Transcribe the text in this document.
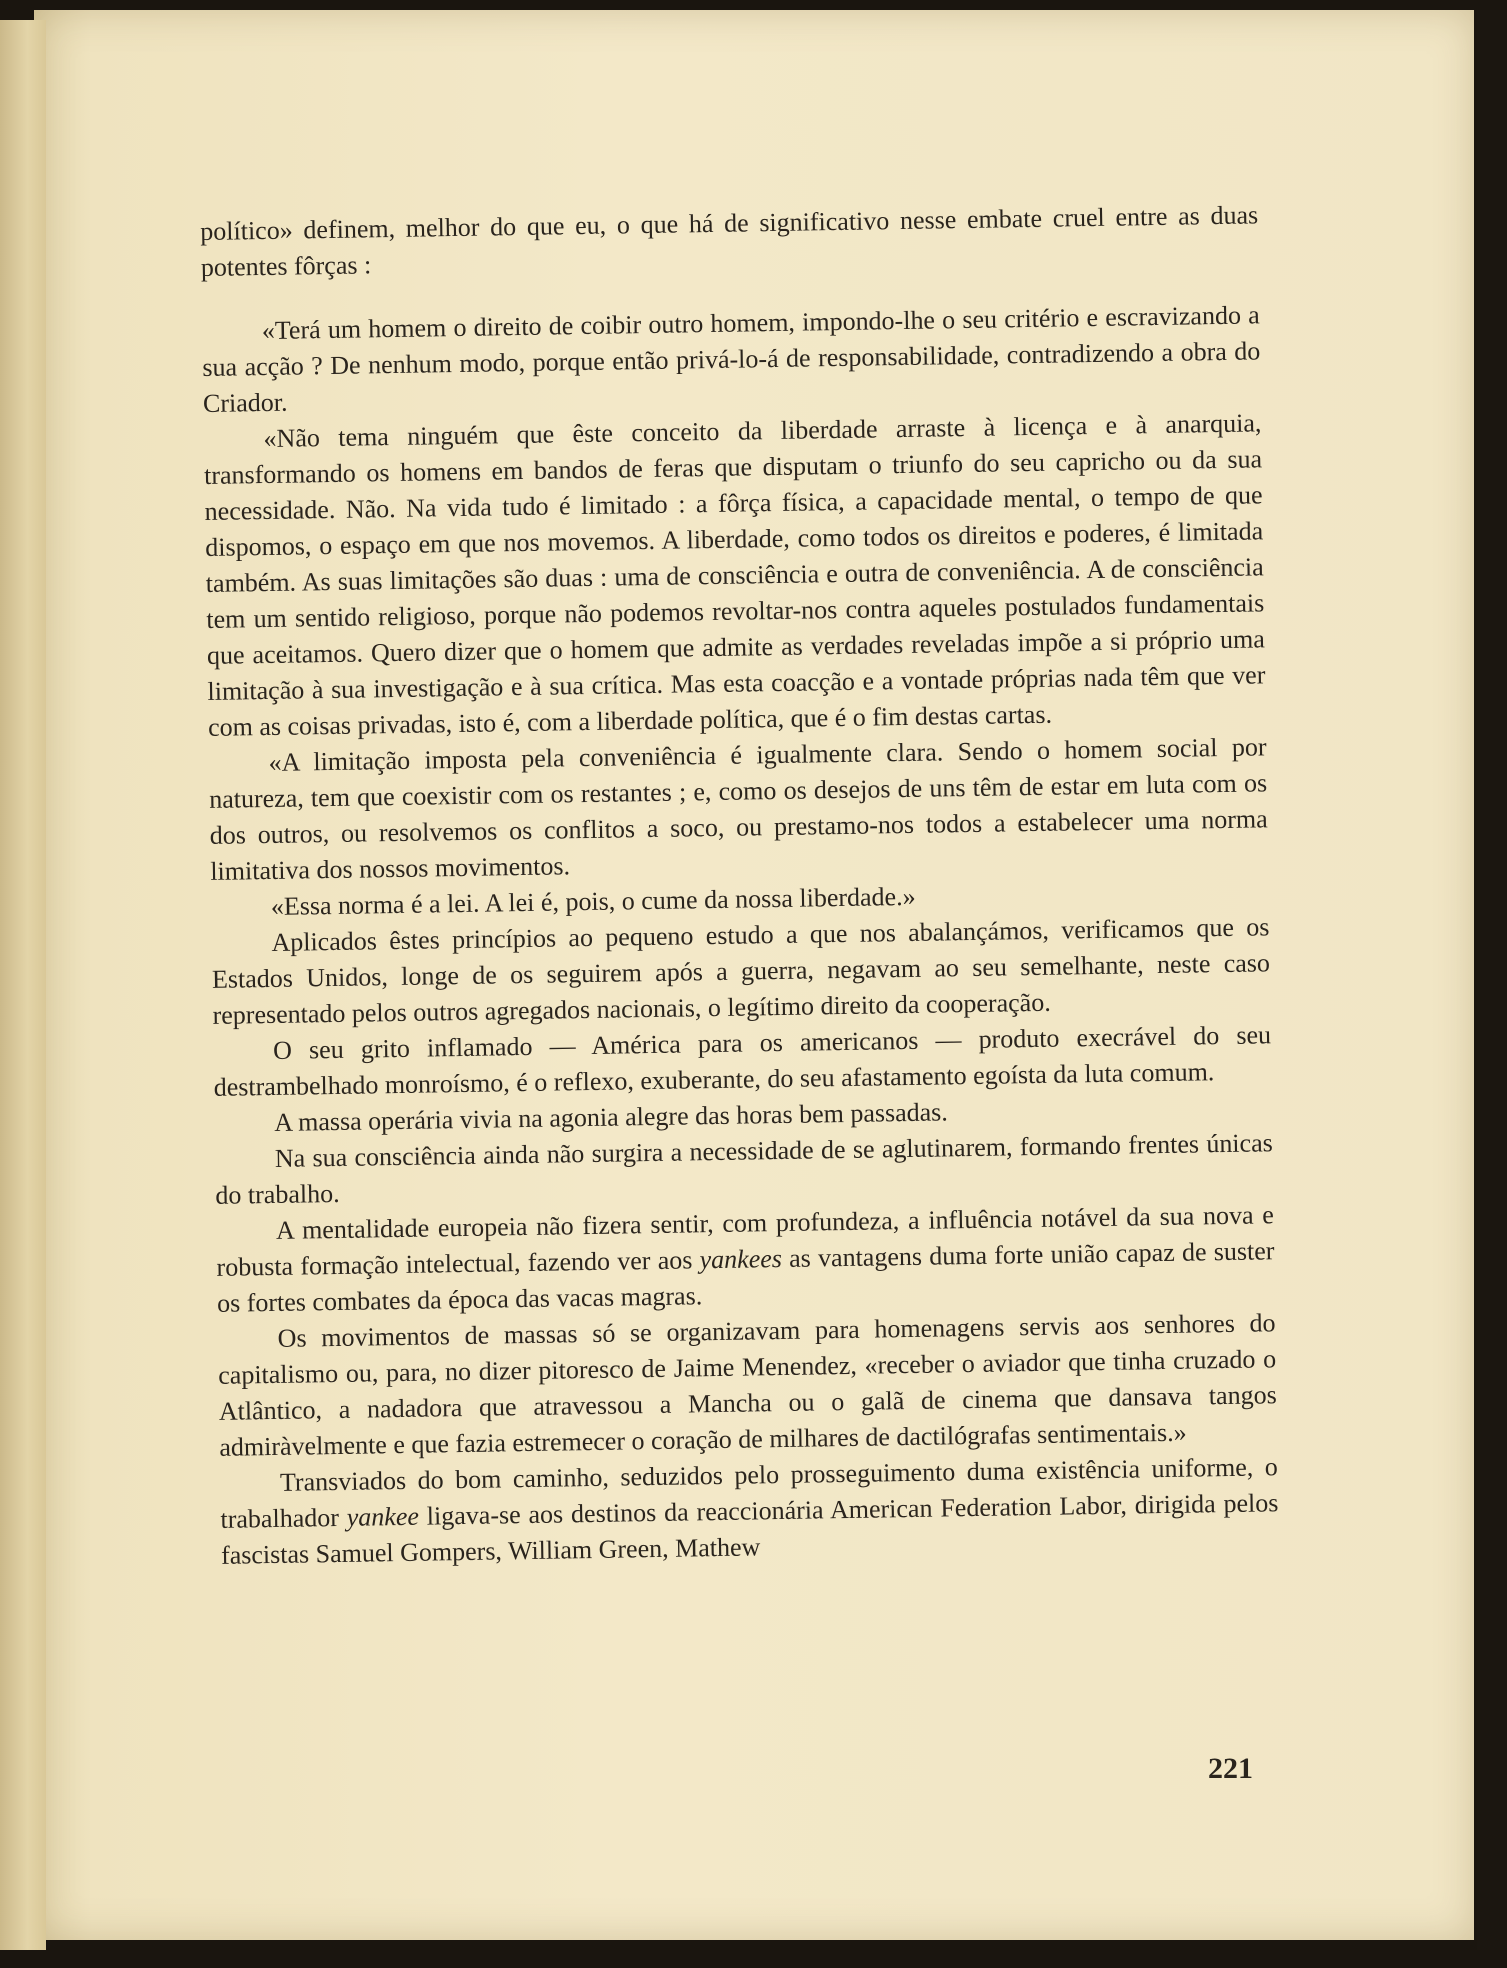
político» definem, melhor do que eu, o que há de significativo nesse embate cruel entre as duas potentes fôrças :

«Terá um homem o direito de coibir outro homem, impondo-lhe o seu critério e escravizando a sua acção ? De nenhum modo, porque então privá-lo-á de responsabilidade, contradizendo a obra do Criador.

«Não tema ninguém que êste conceito da liberdade arraste à licença e à anarquia, transformando os homens em bandos de feras que disputam o triunfo do seu capricho ou da sua necessidade. Não. Na vida tudo é limitado : a fôrça física, a capacidade mental, o tempo de que dispomos, o espaço em que nos movemos. A liberdade, como todos os direitos e poderes, é limitada também. As suas limitações são duas : uma de consciência e outra de conveniência. A de consciência tem um sentido religioso, porque não podemos revoltar-nos contra aqueles postulados fundamentais que aceitamos. Quero dizer que o homem que admite as verdades reveladas impõe a si próprio uma limitação à sua investigação e à sua crítica. Mas esta coacção e a vontade próprias nada têm que ver com as coisas privadas, isto é, com a liberdade política, que é o fim destas cartas.

«A limitação imposta pela conveniência é igualmente clara. Sendo o homem social por natureza, tem que coexistir com os restantes ; e, como os desejos de uns têm de estar em luta com os dos outros, ou resolvemos os conflitos a soco, ou prestamo-nos todos a estabelecer uma norma limitativa dos nossos movimentos.

«Essa norma é a lei. A lei é, pois, o cume da nossa liberdade.»

Aplicados êstes princípios ao pequeno estudo a que nos abalançámos, verificamos que os Estados Unidos, longe de os seguirem após a guerra, negavam ao seu semelhante, neste caso representado pelos outros agregados nacionais, o legítimo direito da cooperação.

O seu grito inflamado — América para os americanos — produto execrável do seu destrambelhado monroísmo, é o reflexo, exuberante, do seu afastamento egoísta da luta comum.

A massa operária vivia na agonia alegre das horas bem passadas.

Na sua consciência ainda não surgira a necessidade de se aglutinarem, formando frentes únicas do trabalho.

A mentalidade europeia não fizera sentir, com profundeza, a influência notável da sua nova e robusta formação intelectual, fazendo ver aos yankees as vantagens duma forte união capaz de suster os fortes combates da época das vacas magras.

Os movimentos de massas só se organizavam para homenagens servis aos senhores do capitalismo ou, para, no dizer pitoresco de Jaime Menendez, «receber o aviador que tinha cruzado o Atlântico, a nadadora que atravessou a Mancha ou o galã de cinema que dansava tangos admiràvelmente e que fazia estremecer o coração de milhares de dactilógrafas sentimentais.»

Transviados do bom caminho, seduzidos pelo prosseguimento duma existência uniforme, o trabalhador yankee ligava-se aos destinos da reaccionária American Federation Labor, dirigida pelos fascistas Samuel Gompers, William Green, Mathew

221
